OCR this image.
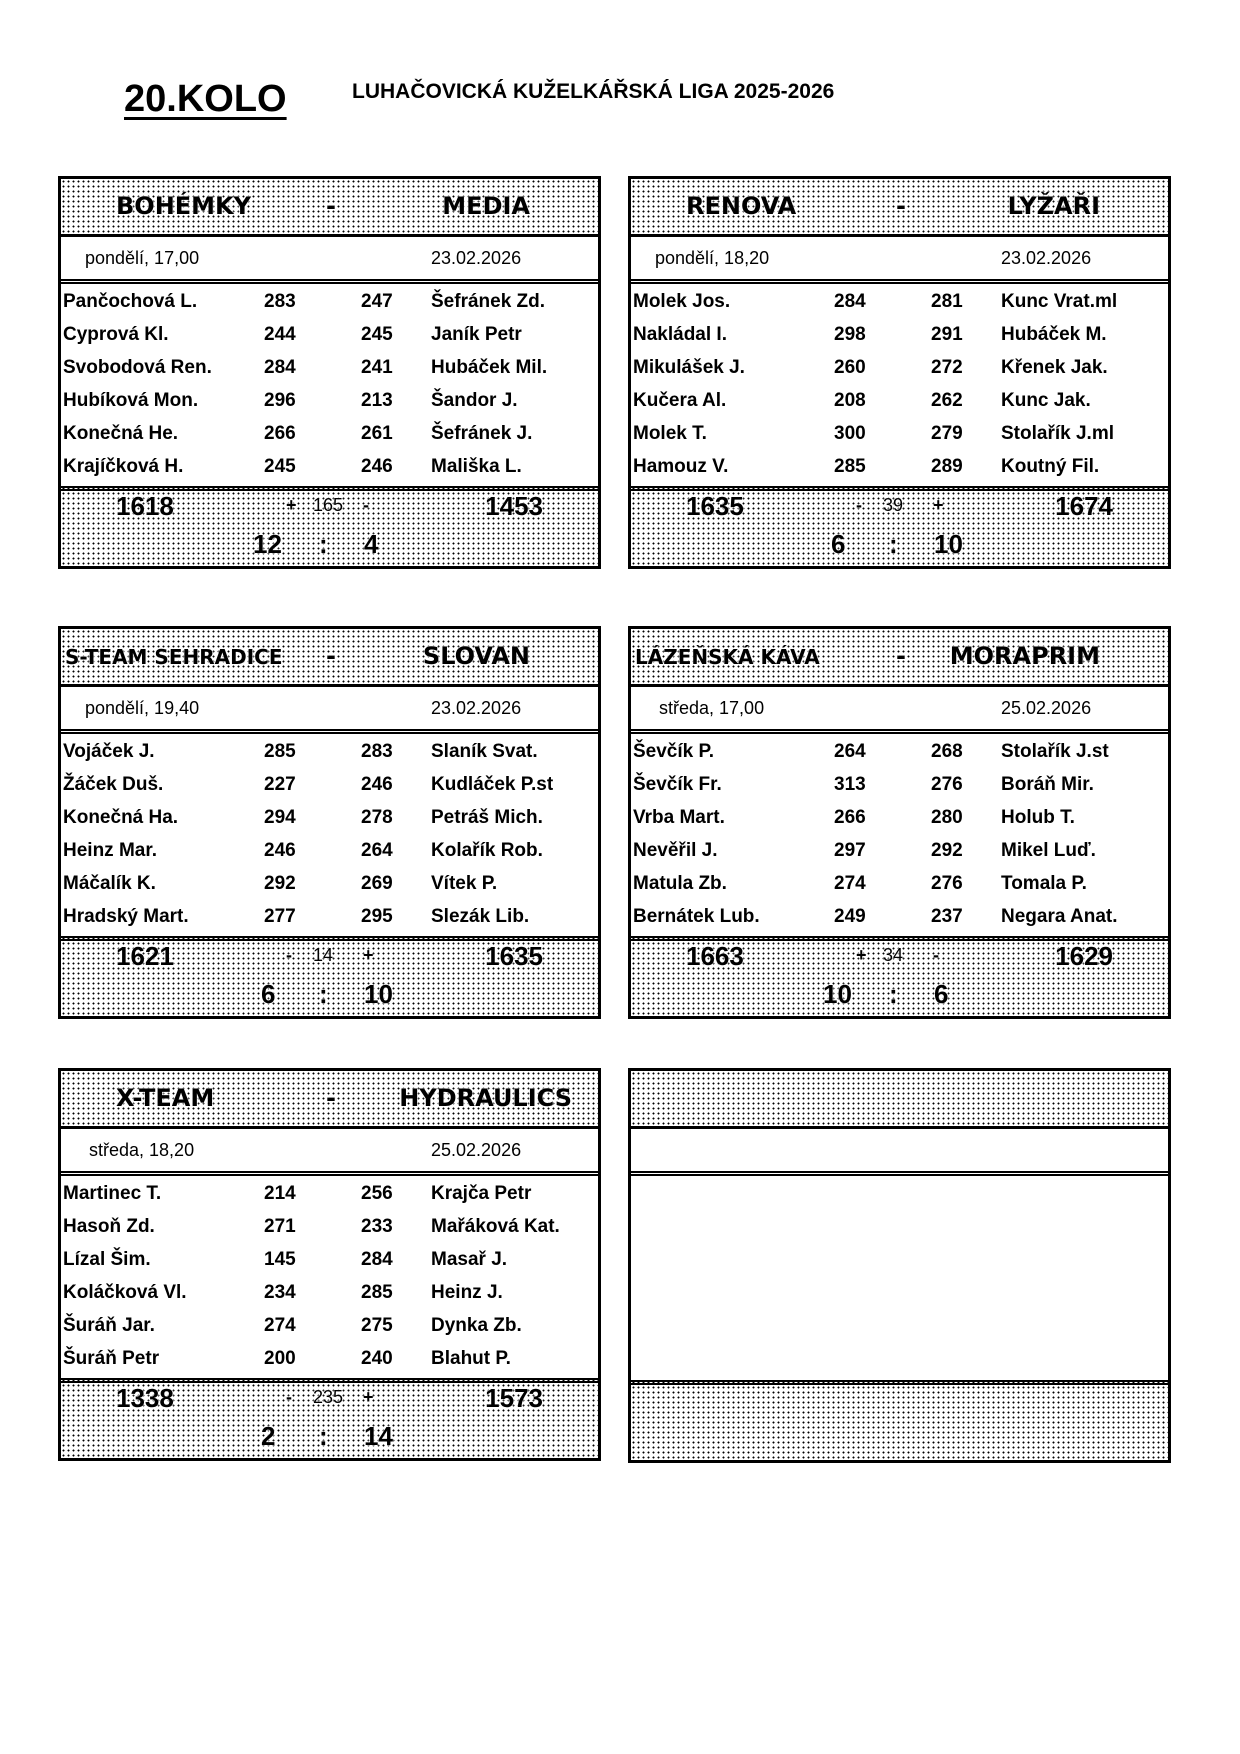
20.KOLO	LUHAČOVICKÁ KUŽELKÁŘSKÁ LIGA 2025-2026
BOHÉMKY	-	MEDIA
pondělí, 17,00	23.02.2026
Pančochová L.	283	247 Šefránek Zd.
Cyprová Kl.	244	245 Janík Petr
Svobodová Ren.	284	241 Hubáček Mil.
Hubíková Mon.	296	213 Šandor J.
Konečná He.	266	261 Šefránek J.
Krajíčková H.	245	246 Mališka L.
1618	+ 165 -	1453
12 : 4
RENOVA	-	LYŽAŘI
pondělí, 18,20	23.02.2026
Molek Jos.	284	281 Kunc Vrat.ml
Nakládal I.	298	291 Hubáček M.
Mikulášek J.	260	272 Křenek Jak.
Kučera Al.	208	262 Kunc Jak.
Molek T.	300	279 Stolařík J.ml
Hamouz V.	285	289 Koutný Fil.
1635	- 39 +	1674
6 : 10
S-TEAM SEHRADICE -	SLOVAN
pondělí, 19,40	23.02.2026
Vojáček J.	285	283 Slaník Svat.
Žáček Duš.	227	246 Kudláček P.st
Konečná Ha.	294	278 Petráš Mich.
Heinz Mar.	246	264 Kolařík Rob.
Máčalík K.	292	269 Vítek P.
Hradský Mart.	277	295 Slezák Lib.
1621	- 14 +	1635
6 : 10
LÁZEŇSKÁ KÁVA	- MORAPRIM
středa, 17,00	25.02.2026
Ševčík P.	264	268 Stolařík J.st
Ševčík Fr.	313	276 Boráň Mir.
Vrba Mart.	266	280 Holub T.
Nevěřil J.	297	292 Mikel Luď.
Matula Zb.	274	276 Tomala P.
Bernátek Lub.	249	237 Negara Anat.
1663	+ 34 -	1629
10 : 6
X-TEAM	-	HYDRAULICS
středa, 18,20	25.02.2026
Martinec T.	214	256 Krajča Petr
Hasoň Zd.	271	233 Mařáková Kat.
Lízal Šim.	145	284 Masař J.
Koláčková Vl.	234	285 Heinz J.
Šuráň Jar.	274	275 Dynka Zb.
Šuráň Petr	200	240 Blahut P.
1338	- 235 +	1573
2 : 14
